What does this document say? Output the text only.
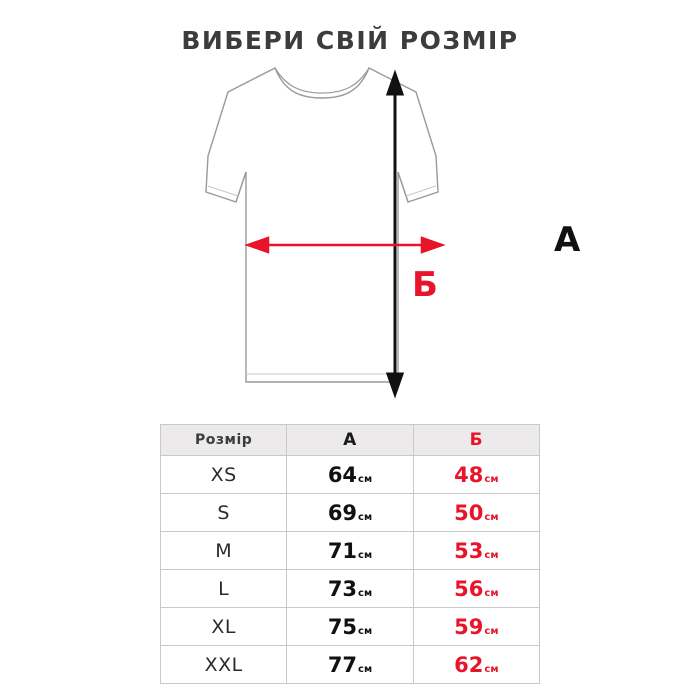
ВИБЕРИ СВІЙ РОЗМІР
А
Б
Розмір	А	Б
XS	64 см	48 см

S	69 см	50 см

M	71 см	53 см

L	73 см	56 см

XL	75 см	59 см

XXL	77 см	62 см
